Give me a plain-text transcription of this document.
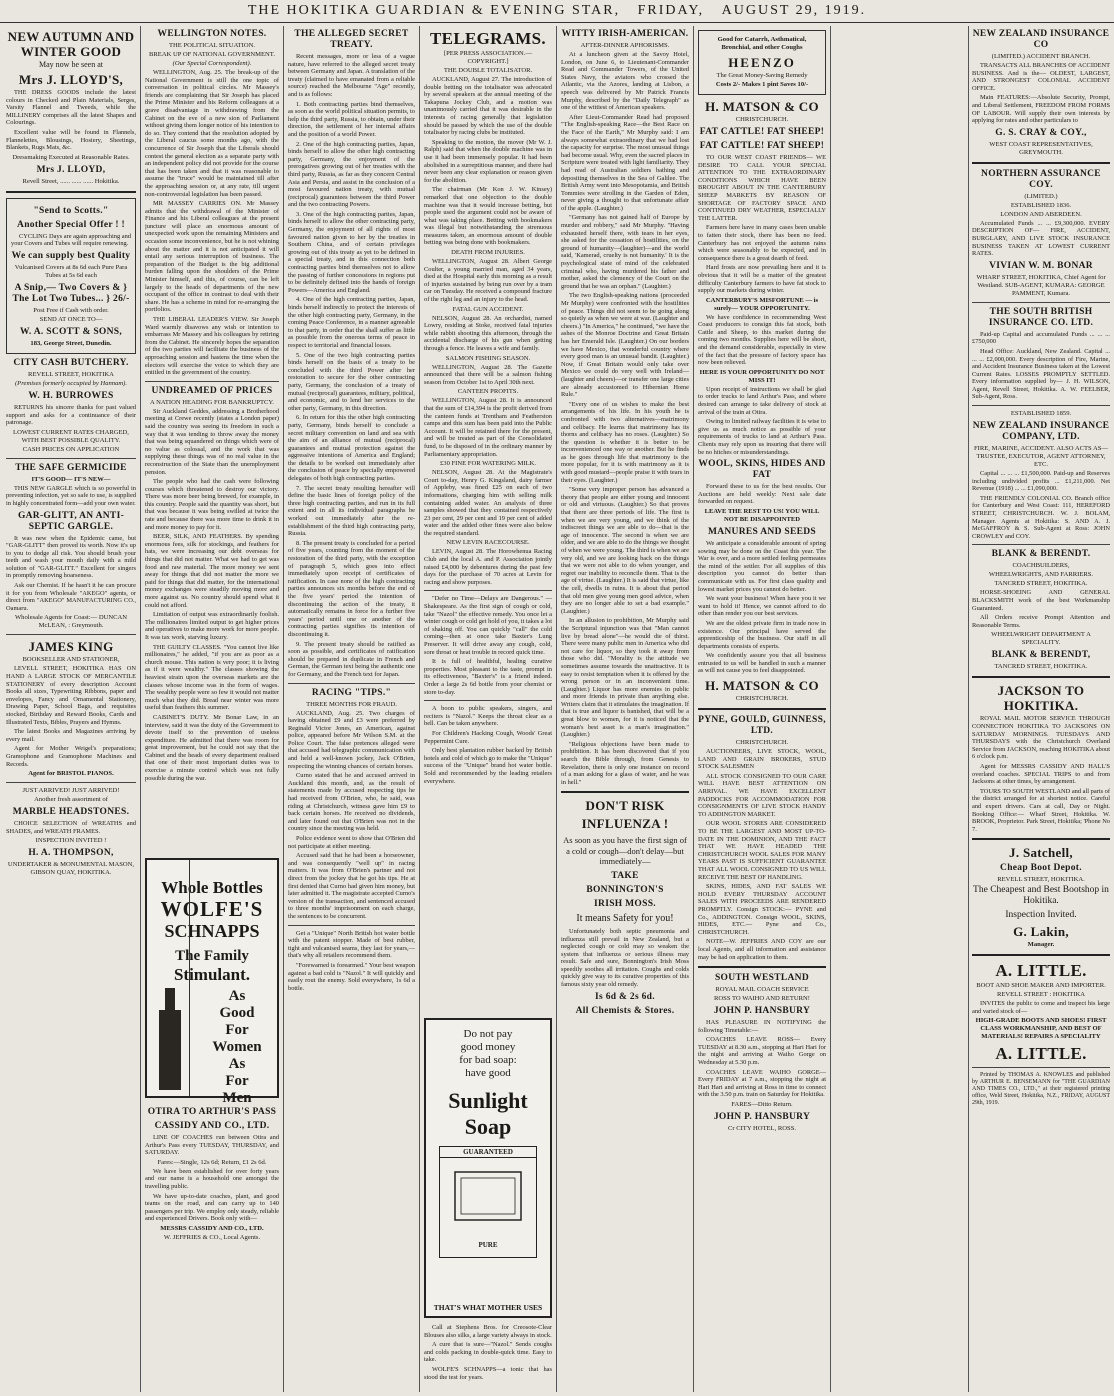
THE HOKITIKA GUARDIAN & EVENING STAR, FRIDAY, AUGUST 29, 1919.
NEW AUTUMN AND WINTER GOOD
May now be seen at
Mrs J. LLOYD'S,
THE DRESS GOODS include the latest colours in Checked and Plain Materials, Serges, Varsity Flannel and Tweeds, while the MILLINERY comprises all the latest Shapes and Colourings.
Excellent value will be found in Flannels, Flannelettes, Blousings, Hosiery, Sheetings, Blankets, Rugs Mats, &c.
Dressmaking Executed at Reasonable Rates.
Mrs J. LLOYD,
Revell Street, ...... ...... ...... Hokitika.
"Send to Scotts."
Another Special Offer ! !
CYCLING Days are again approaching and your Covers and Tubes will require renewing.
We can supply best Quality
Vulcanised Covers at 8s 6d each Pure Para Tubes at 5s 6d each
A Snip,— Two Covers & } The Lot Two Tubes... } 26/-
Post Free if Cash with order.
SEND AT ONCE TO—
W. A. SCOTT & SONS,
183, George Street, Dunedin.
CITY CASH BUTCHERY.
REVELL STREET, HOKITIKA
(Premises formerly occupied by Hannam).
W. H. BURROWES
RETURNS his sincere thanks for past valued support and asks for a continuance of their patronage.
LOWEST CURRENT RATES CHARGED, WITH BEST POSSIBLE QUALITY.
CASH PRICES ON APPLICATION
THE SAFE GERMICIDE
IT'S GOOD— IT'S NEW—
THIS NEW GARGLE which is so powerful in preventing infection, yet so safe to use, is supplied in highly concentrated form—add your own water.
GAR-GLITT, AN ANTI-SEPTIC GARGLE.
It was new when the Epidemic came, but "GAR-GLITT" then proved its worth. Now it's up to you to dodge all risk. You should brush your teeth and wash your mouth daily with a mild solution of "GAR-GLITT." Excellent for singers in promptly removing hoarseness.
Ask our Chemist. If he hasn't it he can procure it for you from Wholesale "AKEGO" agents, or direct from "AKEGO" MANUFACTURING CO., Oamaru.
Wholesale Agents for Coast:— DUNCAN McLEAN, : Greymouth.
JAMES KING
BOOKSELLER AND STATIONER,
LEVELL STREET, HOKITIKA HAS ON HAND A LARGE STOCK OF MERCANTILE STATIONERY of every description Account Books all sizes, Typewriting Ribbons, paper and envelopes, Fancy and Ornamental Stationery, Drawing Paper, School Bags, and requisites stocked, Birthday and Reward Books, Cards and Illustrated Texts, Bibles, Prayers and Hymns.
The latest Books and Magazines arriving by every mail.
Agent for Mother Weigel's preparations; Gramophone and Gramophone Machines and Records.
Agent for BRISTOL PIANOS.
JUST ARRIVED! JUST ARRIVED!
Another fresh assortment of
MARBLE HEADSTONES.
CHOICE SELECTION of WREATHS and SHADES, and WREATH FRAMES.
INSPECTION INVITED !
H. A. THOMPSON,
UNDERTAKER & MONUMENTAL MASON, GIBSON QUAY, HOKITIKA.
WELLINGTON NOTES.
THE POLITICAL SITUATION.
BREAK UP OF NATIONAL GOVERNMENT.
(Our Special Correspondent).
WELLINGTON, Aug. 25. The break-up of the National Government is still the one topic of conversation in political circles. Mr Massey's friends are complaining that Sir Joseph has placed the Prime Minister and his Reform colleagues at a grave disadvantage in withdrawing from the Cabinet on the eve of a new sion of Parliament without giving them longer notice of his intention to do so. They contend that the resolution adopted by the Liberal caucus some months ago, with the concurrence of Sir Joseph that the Liberals should contest the general election as a separate party with an independent policy did not provide for the course that has been taken and that it was reasonable to assume the "truce" would be maintained till after the approaching session or, at any rate, till urgent non-controversial legislation has been passed.
MR MASSEY CARRIES ON. Mr Massey admits that the withdrawal of the Minister of Finance and his Liberal colleagues at the present juncture will place an enormous amount of unexpected work upon the remaining Ministers and occasion some inconvenience, but he is not whining about the matter and it is not anticipated it will entail any serious interruption of business. The preparation of the Budget is the big additional burden falling upon the shoulders of the Prime Minister himself, and this, of course, can be left largely to the heads of departments of the new occupant of the office in contrast to deal with their share. He has a scheme in mind for re-arranging the portfolios.
THE LIBERAL LEADER'S VIEW. Sir Joseph Ward warmly disavows any wish or intention to embarrass Mr Massey and his colleagues by retiring from the Cabinet. He sincerely hopes the separation of the two parties will facilitate the business of the approaching session and hastens the time when the electors will exercise the voice to which they are entitled in the government of the country.
UNDREAMED OF PRICES
A NATION HEADING FOR BANKRUPTCY.
Sir Auckland Geddes, addressing a Brotherhood meeting at Crewe recently (states a London paper) said the country was seeing its freedom in such a way that it was tending to throw away the money that was being squandered on things which were of no value as colossal, and the work that was supplying these things was of no real value in the reconstruction of the State than the unemployment pension.
The people who had the cash were following courses which threatened to destroy our victory. There was more beer being brewed, for example, in this country. People said the quantity was short, but that was because it was being swilled at twice the rate and because there was more time to drink it in and more money to pay for it.
BEER, SILK, AND FEATHERS. By spending enormous fees, silk for stockings, and feathers for hats, we were increasing our debt overseas for things that did not matter. What we had to get was food and raw material. The more money we sent away for things that did not matter the more we paid for things that did matter, for the international money exchanges were steadily moving more and more against us. No country should spend what it could not afford.
Limitation of output was extraordinarily foolish. The millionaires limited output to get higher prices and operatives to make more work for more people. It was tax work, starving luxury.
THE GUILTY CLASSES. "You cannot live like millionaires," he added, "if you are as poor as a church mouse. This nation is very poor; it is living as if it were wealthy." The classes showing the heaviest strain upon the overseas markets are the classes whose income was in the form of wages. The wealthy people were so few it would not matter much what they did. Bread near winter was more useful than feathers this summer.
CABINET'S DUTY. Mr Bonar Law, in an interview, said it was the duty of the Government to devote itself to the prevention of useless expenditure. He admitted that there was room for great improvement, but he could not say that the Cabinet and the heads of every department realised that one of their most important duties was to exercise a minute control which was not fully possible during the war.
Whole Bottles
WOLFE'S
SCHNAPPS
The Family
Stimulant.
As
Good
For
Women
As
For
Men
OTIRA TO ARTHUR'S PASS
CASSIDY AND CO., LTD.
LINE OF COACHES run between Otira and Arthur's Pass every TUESDAY, THURSDAY, and SATURDAY.
Fares:—Single, 12s 6d; Return, £1 2s 6d.
We have been established for over forty years and our name is a household one amongst the travelling public.
We have up-to-date coaches, plant, and good teams on the road, and can carry up to 140 passengers per trip. We employ only steady, reliable and experienced Drivers. Book only with—
MESSRS CASSIDY AND CO., LTD.
W. JEFFRIES & CO., Local Agents.
THE ALLEGED SECRET TREATY.
Recent messages, more or less of a vague nature, have referred to the alleged secret treaty between Germany and Japan. A translation of the treaty (claimed to have emanated from a reliable source) reached the Melbourne "Age" recently, and is as follows:
1. Both contracting parties bind themselves, as soon as the world political situation permits, to help the third party, Russia, to obtain, under their direction, the settlement of her internal affairs and the position of a world Power.
2. One of the high contracting parties, Japan, binds herself to allow the other high contracting party, Germany, the enjoyment of the prerogatives growing out of her treaties with the third party, Russia, as far as they concern Central Asia and Persia, and assist in the conclusion of a most favoured nation treaty, with mutual (reciprocal) guarantees between the third Power and the two contracting Powers.
3. One of the high contracting parties, Japan, binds herself to allow the other contracting party, Germany, the enjoyment of all rights of most favoured nation given to her by the treaties in Southern China, and of certain privileges growing out of this treaty as yet to be defined in a special treaty, and in this connection both contracting parties bind themselves not to allow the passing of further concessions in regions put to be definitely defined into the hands of foreign Powers—America and England.
4. One of the high contracting parties, Japan, binds herself indirectly to protect the interests of the other high contracting party, Germany, in the coming Peace Conference, in a manner agreeable to that party, in order that the shall suffer as little as possible from the onerous terms of peace in respect to territorial and financial losses.
5. One of the two high contracting parties binds herself on the basis of a treaty to be concluded with the third Power after her restoration to secure for the other contracting party, Germany, the conclusion of a treaty of mutual (reciprocal) guarantees, military, political, and economic, and to lend her services to the other party, Germany, in this direction.
6. In return for this the other high contracting party, Germany, binds herself to conclude a secret military convention on land and sea with the aim of an alliance of mutual (reciprocal) guarantees and mutual protection against the aggressive intentions of America and England; the details to be worked out immediately after the conclusion of peace by specially empowered delegates of both high contracting parties.
7. The secret treaty resulting hereafter will define the basic lines of foreign policy of the three high contracting parties, and run in its full extent and in all its individual paragraphs be worked out immediately after the re-establishment of the third high contracting party, Russia.
8. The present treaty is concluded for a period of five years, counting from the moment of the restoration of the third party, with the exception of paragraph 5, which goes into effect immediately upon receipt of certificates of ratification. In case none of the high contracting parties announces six months before the end of the five years' period the intention of discontinuing the action of the treaty, it automatically remains in force for a further five years' period until one or another of the contracting parties signifies its intention of discontinuing it.
9. The present treaty should be ratified as soon as possible, and certificates of ratification should be prepared in duplicate in French and German, the German text being the authentic one for Germany, and the French text for Japan.
RACING "TIPS."
THREE MONTHS FOR FRAUD.
AUCKLAND, Aug. 25. Two charges of having obtained £9 and £3 were preferred by Reginald Victor Jones, an American, against police, appeared before Mr Wilson S.M. at the Police Court. The false pretences alleged were that accused had telegraphic communication with and held a well-known jockey, Jack O'Brien, respecting the winning chances of certain horses.
Curno stated that he and accused arrived in Auckland this month, and, as the result of statements made by accused respecting tips he had received from O'Brien, who, he said, was riding at Christchurch, witness gave him £9 to back certain horses. He received no dividends, and later found out that O'Brien was not in the country since the meeting was held.
Police evidence went to show that O'Brien did not participate at either meeting.
Accused said that he had been a horseowner, and was consequently "well up" in racing matters. It was from O'Brien's partner and not direct from the jockey that he got his tips. He at first denied that Curno had given him money, but later admitted it. The magistrate accepted Curno's version of the transaction, and sentenced accused to three months' imprisonment on each charge, the sentences to be concurrent.
Get a "Unique" North British hot water bottle with the patent stopper. Made of best rubber, tight and vulcanised seams, they last for years,—that's why all retailers recommend them.
"Forewarned is forearmed." Your best weapon against a bad cold is "Nazol." It will quickly and easily rout the enemy. Sold everywhere, 1s 6d a bottle.
TELEGRAMS.
[PER PRESS ASSOCIATION.—COPYRIGHT.]
THE DOUBLE TOTALISATOR.
AUCKLAND, August 27. The introduction of double betting on the totalisator was advocated by several speakers at the annual meeting of the Takapuna Jockey Club, and a motion was unanimously carried that it was desirable in the interests of racing generally that legislation should be passed by which the use of the double totalisator by racing clubs be instituted.
Speaking to the motion, the mover (Mr W. J. Ralph) said that when the double machine was in use it had been immensely popular. It had been abolished in a surreptitious manner, and there had never been any clear explanation or reason given for the abolition.
The chairman (Mr Kon J. W. Kinsey) remarked that one objection to the double machine was that it would increase betting, but people used the argument could not be aware of what was taking place. Betting with bookmakers was illegal but notwithstanding the strenuous measures taken, an enormous amount of double betting was being done with bookmakers.
DEATH FROM INJURIES.
WELLINGTON, August 28. Albert George Coulter, a young married man, aged 34 years, died at the Hospital early this morning as a result of injuries sustained by being run over by a tram car on Tuesday. He received a compound fracture of the right leg and an injury to the head.
FATAL GUN ACCIDENT.
NELSON, August 28. An orchardist, named Lowry, residing at Stoke, received fatal injuries while rabbit shooting this afternoon, through the accidental discharge of his gun when getting through a fence. He leaves a wife and family.
SALMON FISHING SEASON.
WELLINGTON, August 28. The Gazette announced that there will be a salmon fishing season from October 1st to April 30th next.
CANTEEN PROFITS.
WELLINGTON, August 28. It is announced that the sum of £14,394 is the profit derived from the canteen funds at Trentham and Featherston camps and this sum has been paid into the Public Account. It will be retained there for the present, and will be treated as part of the Consolidated fund, to be disposed of in the ordinary manner by Parliamentary appropriation.
£30 FINE FOR WATERING MILK.
NELSON, August 28. At the Magistrate's Court to-day, Henry G. Kingsland, dairy farmer of Appleby, was fined £25 on each of two informations, charging him with selling milk containing added water. An analysis of three samples showed that they contained respectively 23 per cent, 29 per cent and 19 per cent of added water and the added other fines were also below the required standard.
NEW LEVIN RACECOURSE.
LEVIN, August 28. The Horowhenua Racing Club and the local A. and P. Association jointly raised £4,000 by debentures during the past few days for the purchase of 70 acres at Levin for racing and show purposes.
"Defer no Time—Delays are Dangerous." —Shakespeare. As the first sign of cough or cold, take "Nazol" the effective remedy. You once let a winter cough or cold get hold of you, it takes a lot of shaking off. You can quickly "call" the cold coming—then at once take Baxter's Lung Preserver. It will drive away any cough, cold, sore throat or heat trouble in record quick time.
It is full of healthful, healing curative properties. Most pleasant to the taste, prompt in its effectiveness, "Baxter's" is a friend indeed. Order a large 2s 6d bottle from your chemist or store to-day.
A boon to public speakers, singers, and reciters is "Nazol." Keeps the throat clear as a bell. Can be taken anywhere.
For Children's Hacking Cough, Woods' Great Peppermint Cure.
Only best plantation rubber backed by British hotels and cold of which go to make the "Unique" success of the "Unique" brand hot water bottle. Sold and recommended by the leading retailers everywhere.
Do not pay
good money
for bad soap:
have good
Sunlight
Soap
GUARANTEED
PURE
THAT'S WHAT MOTHER USES
Call at Stephens Bros. for Creosote-Clear Blouses also silks, a large variety always in stock.
A cure that is sure—"Nazol." Sends coughs and colds packing in double-quick time. Easy to take.
WOLFE'S SCHNAPPS—a tonic that has stood the test for years.
WITTY IRISH-AMERICAN.
AFTER-DINNER APHORISMS.
At a luncheon given at the Savoy Hotel, London, on June 6, to Lieutenant-Commander Read and Commander Towers, of the United States Navy, the aviators who crossed the Atlantic, via the Azores, landing at Lisbon, a speech was delivered by Mr Patrick Francis Murphy, described by the "Daily Telegraph" as one of the wittiest of American speakers.
After Lieut-Commander Read had proposed "The English-speaking Race—the Best Race on the Face of the Earth," Mr Murphy said: I am always somewhat extraordinary that we had lost the capacity for surprise. The most unusual things had become usual. Why, even the sacred places in Scripture were treated with light familiarity. They had read of Australian soldiers bathing and depositing themselves in the Sea of Galilee. The British Army went into Mesopotamia, and British Tommies were strolling in the Garden of Eden, never giving a thought to that unfortunate affair of the apple. (Laughter.)
"Germany has not gained half of Europe by murder and robbery," said Mr Murphy. "Having exhausted herself there, with tears in her eyes, she asked for the cessation of hostilities, on the ground of humanity—(laughter)—and the world said, 'Kamerad, cruelty is not humanity.' It is the psychological state of mind of the celebrated criminal who, having murdered his father and mother, asked the clemency of the Court on the ground that he was an orphan." (Laughter.)
The two English-speaking nations (proceeded Mr Murphy) were confronted with the hostilities of peace. Things did not seem to be going along so quietly as when we were at war. (Laughter and cheers.) "In America," he continued, "we have the ashes of the Monroe Doctrine and Great Britain has her Emerald Isle. (Laughter.) On our borders we have Mexico, that wonderful country where every good man is an unusual bandit. (Laughter.) Now, if Great Britain would only take over Mexico we could do very well with Ireland—(laughter and cheers)—or transfer one large cities are already accustomed to Hibernian Home Rule."
"Every one of us wishes to make the best arrangements of his life. In his youth he is confronted with two alternatives—matrimony and celibacy. He learns that matrimony has its thorns and celibacy has no roses. (Laughter.) So the question is whether it is better to be inconvenienced one way or another. But he finds as he goes through life that matrimony is the more popular, for it is with matrimony as it is with good mustard—people praise it with tears in their eyes. (Laughter.)
"Some very improper person has advanced a theory that people are either young and innocent or old and virtuous. (Laughter.) So that proves that there are three periods of life. The first is when we are very young, and we think of the indiscreet things we are able to do—that is the age of innocence. The second is when we are older, and we are able to do the things we thought of when we were young. The third is when we are very old, and we are looking back on the things that we were not able to do when younger, and regret our inability to reconcile them. That is the age of virtue. (Laughter.) It is said that virtue, like the cell, dwells in ruins. It is about that period that old men give young men good advice, when they are no longer able to set a bad example." (Laughter.)
In an allusion to prohibition, Mr Murphy said the Scriptural injunction was that "Man cannot live by bread alone"—he would die of thirst. There were many public men in America who did not care for liquor, so they took it away from those who did. "Morality is the attitude we sometimes assume towards the unattractive. It is easy to resist temptation when it is offered by the wrong person or in an inconvenient time. (Laughter.) Liquor has more enemies in public and more friends in private than anything else. Writers claim that it stimulates the imagination. If that is true and liquor is banished, that will be a great blow to women, for it is noticed that the woman's best asset is a man's imagination." (Laughter.)
"Religious objections have been made to prohibition. It has been discovered that if you search the Bible through, from Genesis to Revelation, there is only one instance on record of a man asking for a glass of water, and he was in hell."
DON'T RISK
INFLUENZA !
As soon as you have the first sign of a cold or cough—don't delay—but immediately—
TAKE
BONNINGTON'S
IRISH MOSS.
It means Safety for you!
Unfortunately both septic pneumonia and influenza still prevail in New Zealand, but a neglected cough or cold may so weaken the system that influenza or serious illness may result. Safe and sure, Bonnington's Irish Moss speedily soothes all irritation. Coughs and colds quickly give way to its curative properties of this famous sixty year old remedy.
Is 6d & 2s 6d.
All Chemists & Stores.
Good for Catarrh, Asthmatical, Bronchial, and other Coughs
HEENZO
The Great Money-Saving Remedy
Costs 2/- Makes 1 pint Saves 10/-
H. MATSON & CO
CHRISTCHURCH.
FAT CATTLE! FAT SHEEP!
FAT CATTLE! FAT SHEEP!
TO OUR WEST COAST FRIENDS— WE DESIRE TO CALL YOUR SPECIAL ATTENTION TO THE EXTRAORDINARY CONDITIONS WHICH HAVE BEEN BROUGHT ABOUT IN THE CANTERBURY SHEEP MARKETS BY REASON OF SHORTAGE OF FACTORY SPACE AND CONTINUED DRY WEATHER, ESPECIALLY THE LATTER.
Farmers here have in many cases been unable to fatten their stock, there has been no feed. Canterbury has not enjoyed the autumn rains which were seasonably to be expected, and in consequence there is a great dearth of feed.
Hard frosts are now prevailing here and it is obvious that it will be a matter of the greatest difficulty Canterbury farmers to have fat stock to supply our markets during winter.
CANTERBURY'S MISFORTUNE — is surely— YOUR OPPORTUNITY.
We have confidence in recommending West Coast producers to consign this fat stock, both Cattle and Sheep, to this market during the coming two months. Supplies here will be short, and the demand considerable, especially in view of the fact that the pressure of factory space has now been relieved.
HERE IS YOUR OPPORTUNITY DO NOT MISS IT!
Upon receipt of instructions we shall be glad to order trucks to land Arthur's Pass, and where desired can arrange to take delivery of stock at arrival of the train at Otira.
Owing to limited railway facilities it is wise to give us as much notice as possible of your requirements of trucks to land at Arthur's Pass. Clients may rely upon us insuring that there will be no hitches or misunderstandings.
WOOL, SKINS, HIDES AND FAT
Forward these to us for the best results. Our Auctions are held weekly: Next sale date forwarded on request.
LEAVE THE REST TO US! YOU WILL NOT BE DISAPPOINTED
MANURES AND SEEDS
We anticipate a considerable amount of spring sowing may be done on the Coast this year. The War is over, and a more settled feeling permeates the mind of the settler. For all supplies of this description you cannot do better than communicate with us. For first class quality and lowest market prices you cannot do better.
We want your business! When have you it we want to hold it! Hence, we cannot afford to do other than render you our best services.
We are the oldest private firm in trade now in existence. Our principal have served the apprenticeship of the business. Our staff in all departments consists of experts.
We confidently assure you that all business entrusted to us will be handled in such a manner as will not cause you to feel disappointed.
H. MATSON & CO
CHRISTCHURCH.
PYNE, GOULD, GUINNESS, LTD.
CHRISTCHURCH.
AUCTIONEERS, LIVE STOCK, WOOL, LAND AND GRAIN BROKERS, STUD STOCK SALESMEN
ALL STOCK CONSIGNED TO OUR CARE WILL HAVE BEST ATTENTION ON ARRIVAL. WE HAVE EXCELLENT PADDOCKS FOR ACCOMMODATION FOR CONSIGNMENTS OF LIVE STOCK HANDY TO ADDINGTON MARKET.
OUR WOOL STORES ARE CONSIDERED TO BE THE LARGEST AND MOST UP-TO-DATE IN THE DOMINION, AND THE FACT THAT WE HAVE HEADED THE CHRISTCHURCH WOOL SALES FOR MANY YEARS PAST IS SUFFICIENT GUARANTEE THAT ALL WOOL CONSIGNED TO US WILL RECEIVE THE BEST OF HANDLING.
SKINS, HIDES, AND FAT SALES WE HOLD EVERY THURSDAY ACCOUNT SALES WITH PROCEEDS ARE RENDERED PROMPTLY. Consign STOCK:— PYNE and Co., ADDINGTON. Consign WOOL, SKINS, HIDES, ETC.— Pyne and Co., CHRISTCHURCH.
NOTE—W. JEFFRIES AND COY are our local Agents, and all information and assistance may be had on application to them.
SOUTH WESTLAND
ROYAL MAIL COACH SERVICE
ROSS TO WAIHO AND RETURN!
JOHN P. HANSBURY
HAS PLEASURE IN NOTIFYING the following Timetable:—
COACHES LEAVE ROSS— Every TUESDAY at 8.30 a.m., stopping at Hari Hari for the night and arriving at Waiho Gorge on Wednesday at 5.30 p.m.
COACHES LEAVE WAIHO GORGE— Every FRIDAY at 7 a.m., stopping the night at Hari Hari and arriving at Ross in time to connect with the 3.50 p.m. train on Saturday for Hokitika.
FARES—Ditto Return.
JOHN P. HANSBURY
Cr CITY HOTEL, ROSS.
NEW ZEALAND INSURANCE CO
(LIMITED.) ACCIDENT BRANCH.
TRANSACTS ALL BRANCHES OF ACCIDENT BUSINESS. And is the— OLDEST, LARGEST, AND STRONGEST COLONIAL ACCIDENT OFFICE.
Main FEATURES:—Absolute Security, Prompt, and Liberal Settlement, FREEDOM FROM FORMS OF LABOUR. Will supply their own interests by applying for rates and other particulars to
G. S. CRAY & COY.,
WEST COAST REPRESENTATIVES, GREYMOUTH.
NORTHERN ASSURANCE COY.
(LIMITED.)
ESTABLISHED 1836.
LONDON AND ABERDEEN.
Accumulated Funds ... ... £9,300,000. EVERY DESCRIPTION OF— FIRE, ACCIDENT, BURGLARY, AND LIVE STOCK INSURANCE BUSINESS TAKEN AT LOWEST CURRENT RATES.
VIVIAN W. M. BONAR
WHARF STREET, HOKITIKA, Chief Agent for Westland. SUB-AGENT, KUMARA: GEORGE PAMMENT, Kumara.
THE SOUTH BRITISH INSURANCE CO. LTD.
Paid-up Capital and accumulated Funds ... ... ... £750,000
Head Office: Auckland, New Zealand. Capital ... ... ... £2,000,000. Every description of Fire, Marine, and Accident Insurance Business taken at the Lowest Current Rates. LOSSES PROMPTLY SETTLED. Every information supplied by— J. H. WILSON, Agent, Revell Street, Hokitika. A. W. FEELBER, Sub-Agent, Ross.
ESTABLISHED 1859.
NEW ZEALAND INSURANCE COMPANY, LTD.
FIRE, MARINE, ACCIDENT. ALSO ACTS AS— TRUSTEE, EXECUTOR, AGENT ATTORNEY, ETC.
Capital ... ... ... £1,500,000. Paid-up and Reserves including undivided profits ... £1,211,000. Net Revenue (1918) ... ... £1,090,000.
THE FRIENDLY COLONIAL CO. Branch office for Canterbury and West Coast: 111, HEREFORD STREET, CHRISTCHURCH. W. J. BOLAM, Manager. Agents at Hokitika: S. AND A. J. McGAFFROY & S. Sub-Agent at Ross: JOHN CROWLEY and COY.
BLANK & BERENDT.
COACHBUILDERS,
WHEELWRIGHTS, AND FARRIERS.
TANCRED STREET, HOKITIKA.
HORSE-SHOEING AND GENERAL BLACKSMITH work of the best Workmanship Guaranteed.
All Orders receive Prompt Attention and Reasonable Terms.
WHEELWRIGHT DEPARTMENT A SPECIALITY.
BLANK & BERENDT,
TANCRED STREET, HOKITIKA.
JACKSON TO HOKITIKA.
ROYAL MAIL MOTOR SERVICE THROUGH CONNECTION HOKITIKA TO JACKSONS ON SATURDAY MORNINGS. TUESDAYS AND THURSDAYS with the Christchurch Overland Service from JACKSON, reaching HOKITIKA about 6 o'clock p.m.
Agent for MESSRS CASSIDY AND HALL'S overland coaches. SPECIAL TRIPS to and from Jacksons at other times, by arrangement.
TOURS TO SOUTH WESTLAND and all parts of the district arranged for at shortest notice. Careful and expert drivers. Cars at call, Day or Night. Booking Office:— Wharf Street, Hokitika. W. BROOK, Proprietor. Park Street, Hokitika; 'Phone No 7.
J. Satchell,
Cheap Boot Depot.
REVELL STREET, HOKITIKA.
The Cheapest and Best Bootshop in Hokitika.
Inspection Invited.
G. Lakin,
Manager.
A. LITTLE.
BOOT AND SHOE MAKER AND IMPORTER.
REVELL STREET : HOKITIKA
INVITES the public to come and inspect his large and varied stock of—
HIGH-GRADE BOOTS AND SHOES! FIRST CLASS WORKMANSHIP, AND BEST OF MATERIALS! REPAIRS A SPECIALITY
A. LITTLE.
Printed by THOMAS A. KNOWLES and published by ARTHUR E. BENSEMANN for "THE GUARDIAN AND TIMES CO., LTD.," at their registered printing office, Weld Street, Hokitika, N.Z., FRIDAY, AUGUST 29th, 1919.
